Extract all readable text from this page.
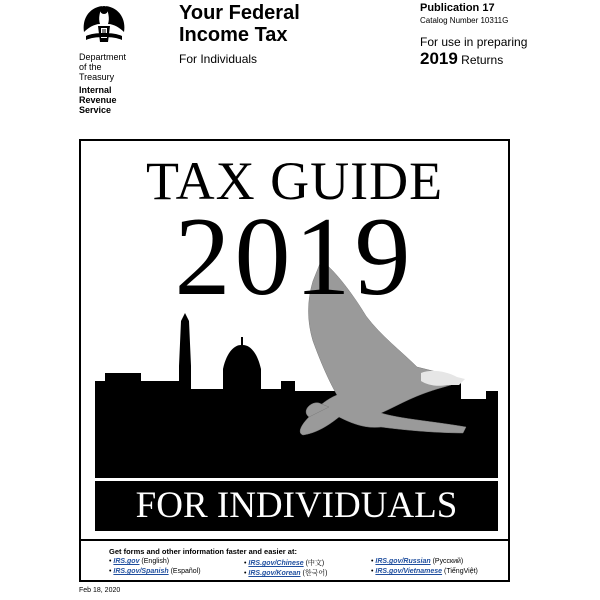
Department
of the
Treasury
Internal
Revenue
Service
Your Federal
Income Tax
For Individuals
Publication 17
Catalog Number 10311G
For use in preparing
2019 Returns
TAX GUIDE
2019
FOR INDIVIDUALS
Get forms and other information faster and easier at:
• IRS.gov (English)
• IRS.gov/Spanish (Español)
• IRS.gov/Chinese (中文)
• IRS.gov/Korean (한국어)
• IRS.gov/Russian (Pусский)
• IRS.gov/Vietnamese (TiếngViệt)
Feb 18, 2020
